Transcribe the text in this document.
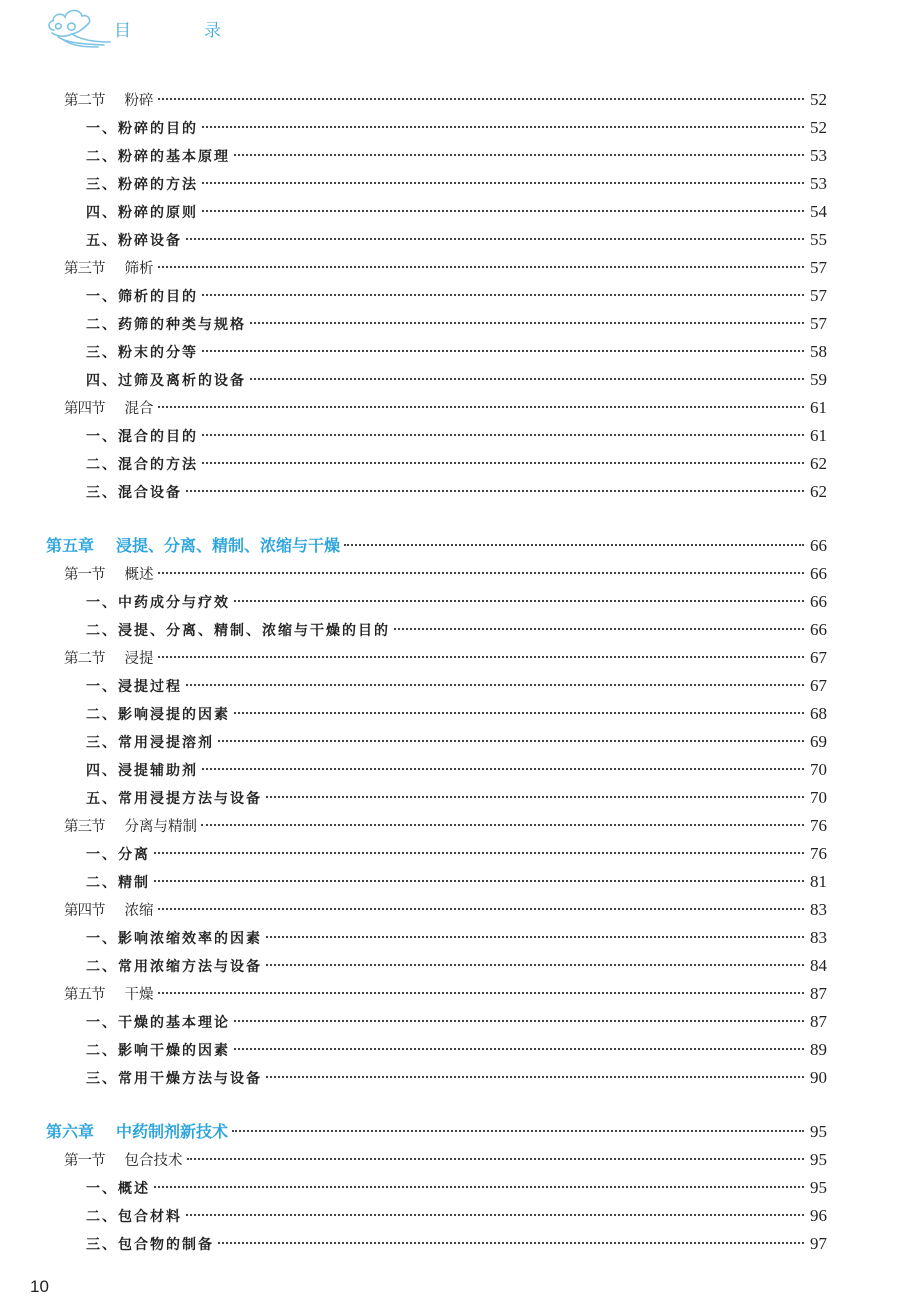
目　录
第二节 粉碎	52
一、粉碎的目的	52
二、粉碎的基本原理	53
三、粉碎的方法	53
四、粉碎的原则	54
五、粉碎设备	55
第三节 筛析	57
一、筛析的目的	57
二、药筛的种类与规格	57
三、粉末的分等	58
四、过筛及离析的设备	59
第四节 混合	61
一、混合的目的	61
二、混合的方法	62
三、混合设备	62
第五章 浸提、分离、精制、浓缩与干燥	66
第一节 概述	66
一、中药成分与疗效	66
二、浸提、分离、精制、浓缩与干燥的目的	66
第二节 浸提	67
一、浸提过程	67
二、影响浸提的因素	68
三、常用浸提溶剂	69
四、浸提辅助剂	70
五、常用浸提方法与设备	70
第三节 分离与精制	76
一、分离	76
二、精制	81
第四节 浓缩	83
一、影响浓缩效率的因素	83
二、常用浓缩方法与设备	84
第五节 干燥	87
一、干燥的基本理论	87
二、影响干燥的因素	89
三、常用干燥方法与设备	90
第六章 中药制剂新技术	95
第一节 包合技术	95
一、概述	95
二、包合材料	96
三、包合物的制备	97
10
